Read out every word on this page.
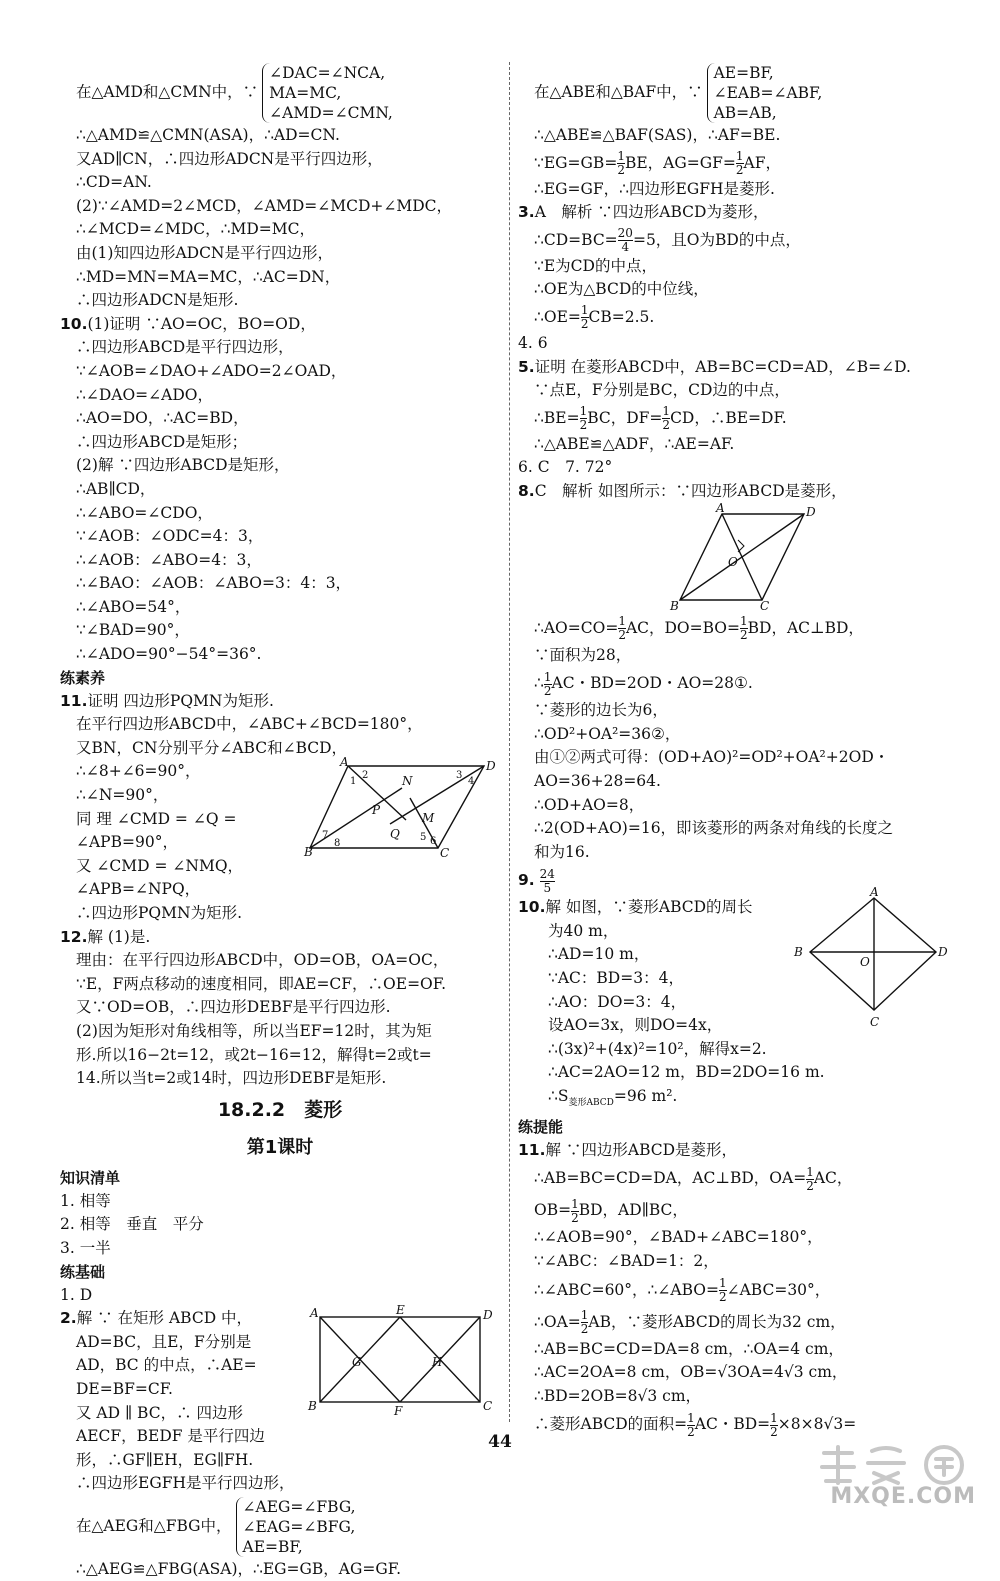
在△AMD和△CMN中，∵
∠DAC=∠NCA,
MA=MC,
∠AMD=∠CMN,
∴△AMD≌△CMN(ASA)，∴AD=CN.
又AD∥CN，∴四边形ADCN是平行四边形，
∴CD=AN.
(2)∵∠AMD=2∠MCD，∠AMD=∠MCD+∠MDC，
∴∠MCD=∠MDC，∴MD=MC，
由(1)知四边形ADCN是平行四边形，
∴MD=MN=MA=MC，∴AC=DN，
∴四边形ADCN是矩形.
10.(1)证明 ∵AO=OC，BO=OD，
∴四边形ABCD是平行四边形，
∵∠AOB=∠DAO+∠ADO=2∠OAD，
∴∠DAO=∠ADO，
∴AO=DO，∴AC=BD，
∴四边形ABCD是矩形；
(2)解 ∵四边形ABCD是矩形，
∴AB∥CD，
∴∠ABO=∠CDO，
∵∠AOB：∠ODC=4：3，
∴∠AOB：∠ABO=4：3，
∴∠BAO：∠AOB：∠ABO=3：4：3，
∴∠ABO=54°，
∵∠BAD=90°，
∴∠ADO=90°−54°=36°.
练素养
11.证明 四边形PQMN为矩形.
在平行四边形ABCD中，∠ABC+∠BCD=180°，
又BN，CN分别平分∠ABC和∠BCD，
∴∠8+∠6=90°，
∴∠N=90°，
同 理 ∠CMD = ∠Q =
∠APB=90°，
又 ∠CMD = ∠NMQ，
∠APB=∠NPQ，
A	D
B	C
N
P
Q
M
1
2	3
4
5 6
7
8
∴四边形PQMN为矩形.
12.解 (1)是.
理由：在平行四边形ABCD中，OD=OB，OA=OC，
∵E，F两点移动的速度相同，即AE=CF，∴OE=OF.
又∵OD=OB，∴四边形DEBF是平行四边形.
(2)因为矩形对角线相等，所以当EF=12时，其为矩
形.所以16−2t=12，或2t−16=12，解得t=2或t=
14.所以当t=2或14时，四边形DEBF是矩形.
18.2.2　菱形
第1课时
知识清单
1. 相等
2. 相等　垂直　平分
3. 一半
练基础
1. D
2.解 ∵ 在矩形 ABCD 中，
AD=BC，且E，F分别是
AD，BC 的中点，∴AE=
DE=BF=CF.
又 AD ∥ BC，∴ 四边形
AECF，BEDF 是平行四边
形，∴GF∥EH，EG∥FH.
A	D
B	C
E
F
G	H
∴四边形EGFH是平行四边形，
在△AEG和△FBG中，
∠AEG=∠FBG,
∠EAG=∠BFG,
AE=BF,
∴△AEG≌△FBG(ASA)，∴EG=GB，AG=GF.
在△ABE和△BAF中，∵
AE=BF,
∠EAB=∠ABF,
AB=AB,
∴△ABE≌△BAF(SAS)，∴AF=BE.
∵EG=GB= $\frac{1}{2}$ BE，$AG=GF= \frac{1}{2}$ AF，
∴EG=GF，∴四边形EGFH是菱形.
3.A　解析 ∵四边形ABCD为菱形，
∴CD=BC= $\frac{20}{4} =5$，且O为BD的中点，
∵E为CD的中点，
∴OE为△BCD的中位线，
∴OE= $\frac{1}{2} CB=2.5$.
4. 6
5.证明 在菱形ABCD中，AB=BC=CD=AD，∠B=∠D.
∵点E，F分别是BC，CD边的中点，
∴BE= $\frac{1}{2}$ BC，$DF= \frac{1}{2}$ CD，∴BE=DF.
∴△ABE≌△ADF，∴AE=AF.
6. C　7. 72°
8.C　解析 如图所示：∵四边形ABCD是菱形，
A	D
B	C
O
∴AO=CO= $\frac{1}{2}$ AC，$DO=BO= \frac{1}{2}$ BD，AC⊥BD，
∵面积为28，
∴ $\frac{1}{2}$ AC・BD=2OD・AO=28①.
∵菱形的边长为6，
∴OD²+OA²=36②，
由①②两式可得：(OD+AO)²=OD²+OA²+2OD・
AO=36+28=64.
∴OD+AO=8，
∴2(OD+AO)=16，即该菱形的两条对角线的长度之
和为16.
9. $\frac{24}{5}$
10.解 如图，∵菱形ABCD的周长
为40 m，
∴AD=10 m，
∵AC：BD=3：4，
∴AO：DO=3：4，
设AO=3x，则DO=4x，
∴(3x)²+(4x)²=10²，解得x=2.
∴AC=2AO=12 m，BD=2DO=16 m.
$\therefore S_{菱形ABCD}=96$ m².
A
B	D
C
O
练提能
11.解 ∵四边形ABCD是菱形，
∴AB=BC=CD=DA，AC⊥BD，$OA= \frac{1}{2}$ AC，
$OB= \frac{1}{2}$ BD，AD∥BC，
∴∠AOB=90°，∠BAD+∠ABC=180°，
∵∠ABC：∠BAD=1：2，
∴∠ABC=60°，∴∠ABO= $\frac{1}{2}$ ∠ABC=30°，
∴OA= $\frac{1}{2}$ AB，∵菱形ABCD的周长为32 cm，
∴AB=BC=CD=DA=8 cm，∴OA=4 cm，
∴AC=2OA=8 cm，OB=√3OA=4√3 cm，
∴BD=2OB=8√3 cm，
∴菱形ABCD的面积= $\frac{1}{2}$ AC・$BD= \frac{1}{2} \times 8\times 8√3=$
44
MXQE.COM
